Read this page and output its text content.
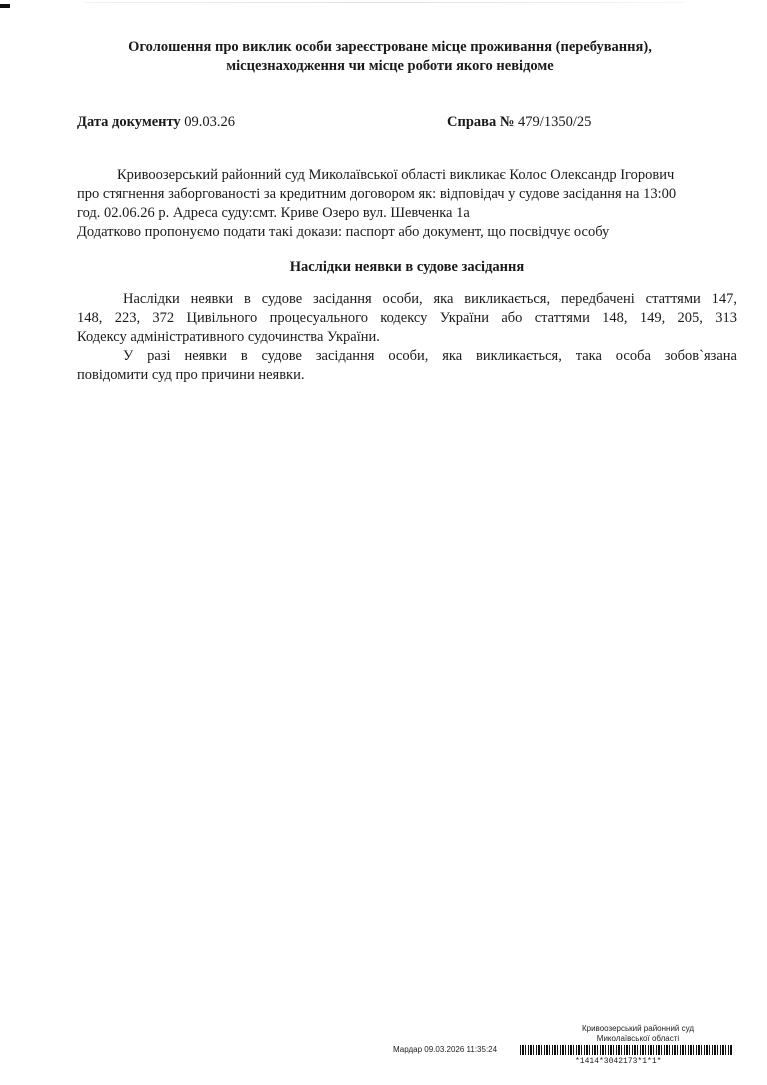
Оголошення про виклик особи зареєстроване місце проживання (перебування),
місцезнаходження чи місце роботи якого невідоме
Дата документу 09.03.26	Справа № 479/1350/25
Кривоозерський районний суд Миколаївської області викликає Колос Олександр Ігорович
про стягнення заборгованості за кредитним договором як: відповідач у судове засідання на 13:00
год. 02.06.26 р. Адреса суду:смт. Криве Озеро вул. Шевченка 1а
Додатково пропонуємо подати такі докази: паспорт або документ, що посвідчує особу
Наслідки неявки в судове засідання
Наслідки неявки в судове засідання особи, яка викликається, передбачені статтями 147,
148, 223, 372 Цивільного процесуального кодексу України або статтями 148, 149, 205, 313
Кодексу адміністративного судочинства України.
У разі неявки в судове засідання особи, яка викликається, така особа зобов`язана
повідомити суд про причини неявки.
Кривоозерський районний суд
Миколаївської області
Мардар 09.03.2026 11:35:24
*1414*3042173*1*1*
